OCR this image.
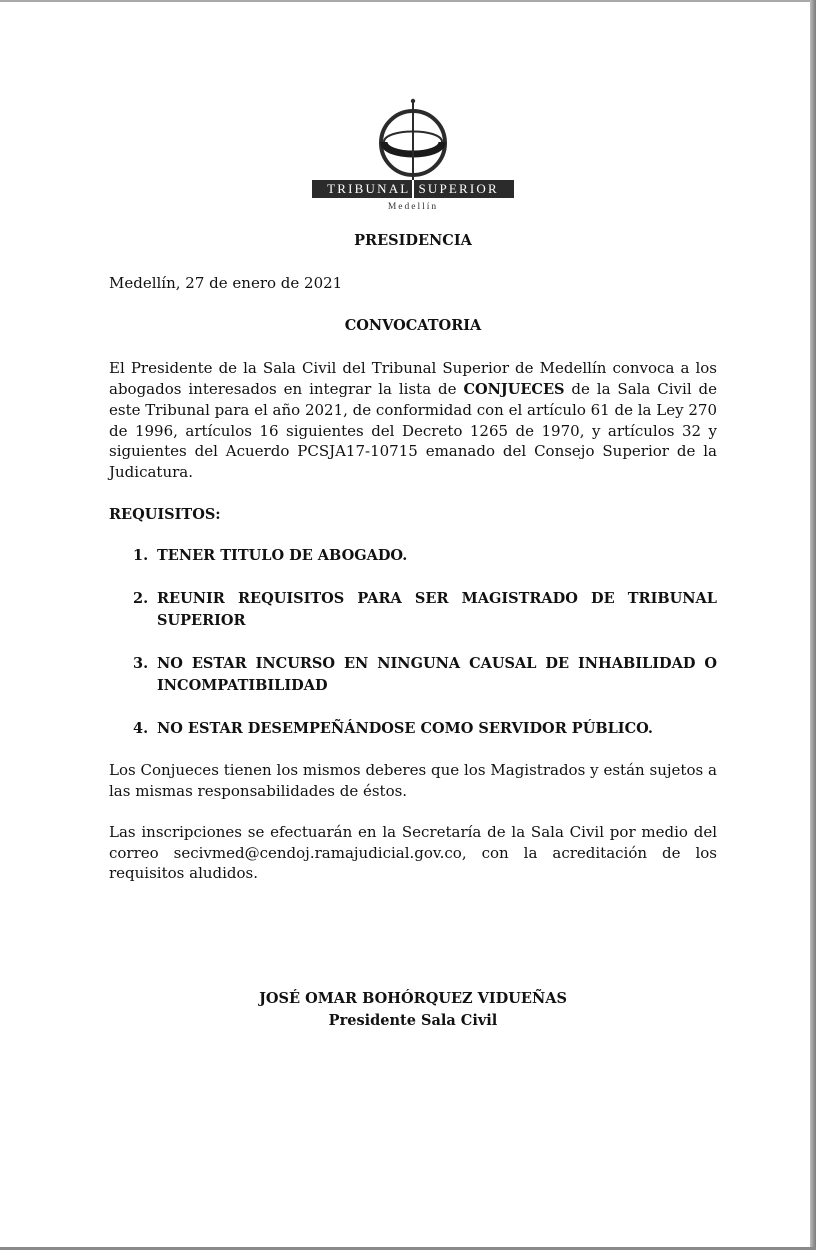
TRIBUNAL SUPERIOR
Medellín
PRESIDENCIA
Medellín, 27 de enero de 2021
CONVOCATORIA

El Presidente de la Sala Civil del Tribunal Superior de Medellín convoca a los abogados interesados en integrar la lista de CONJUECES de la Sala Civil de este Tribunal para el año 2021, de conformidad con el artículo 61 de la Ley 270 de 1996, artículos 16 siguientes del Decreto 1265 de 1970, y artículos 32 y siguientes del Acuerdo PCSJA17-10715 emanado del Consejo Superior de la Judicatura.

REQUISITOS:
1. TENER TITULO DE ABOGADO.
2. REUNIR REQUISITOS PARA SER MAGISTRADO DE TRIBUNAL SUPERIOR
3. NO ESTAR INCURSO EN NINGUNA CAUSAL DE INHABILIDAD O INCOMPATIBILIDAD
4. NO ESTAR DESEMPEÑÁNDOSE COMO SERVIDOR PÚBLICO.

Los Conjueces tienen los mismos deberes que los Magistrados y están sujetos a las mismas responsabilidades de éstos.

Las inscripciones se efectuarán en la Secretaría de la Sala Civil por medio del correo secivmed@cendoj.ramajudicial.gov.co, con la acreditación de los requisitos aludidos.

JOSÉ OMAR BOHÓRQUEZ VIDUEÑAS
Presidente Sala Civil
